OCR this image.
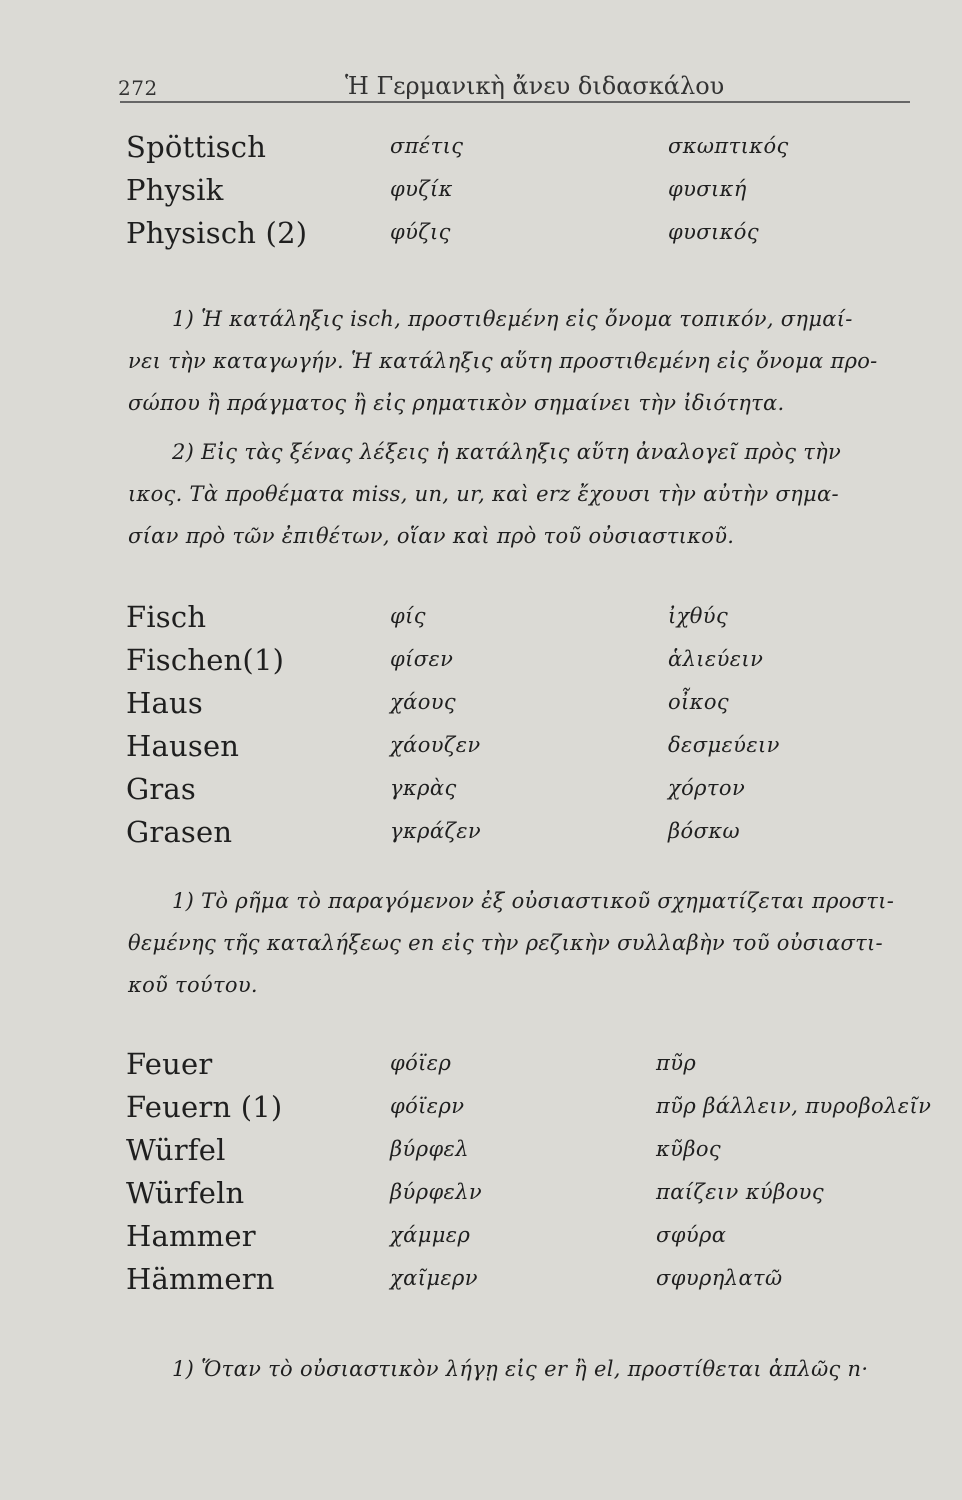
272	Ἡ Γερμανικὴ ἄνευ διδασκάλου
Spöttisch	σπέτις	σκωπτικός
Physik	φυζίκ	φυσική
Physisch (2)	φύζις	φυσικός
1) Ἡ κατάληξις isch, προστιθεμένη εἰς ὄνομα τοπικόν, σημαί-
νει τὴν καταγωγήν. Ἡ κατάληξις αὕτη προστιθεμένη εἰς ὄνομα προ-
σώπου ἢ πράγματος ἢ εἰς ρηματικὸν σημαίνει τὴν ἰδιότητα.
2) Εἰς τὰς ξένας λέξεις ἡ κατάληξις αὕτη ἀναλογεῖ πρὸς τὴν
ικος. Τὰ προθέματα miss, un, ur, καὶ erz ἔχουσι τὴν αὐτὴν σημα-
σίαν πρὸ τῶν ἐπιθέτων, οἵαν καὶ πρὸ τοῦ οὐσιαστικοῦ.
Fisch	φίς	ἰχθύς
Fischen(1)	φίσεν	ἁλιεύειν
Haus	χάους	οἶκος
Hausen	χάουζεν	δεσμεύειν
Gras	γκρὰς	χόρτον
Grasen	γκράζεν	βόσκω
1) Τὸ ρῆμα τὸ παραγόμενον ἐξ οὐσιαστικοῦ σχηματίζεται προστι-
θεμένης τῆς καταλήξεως en εἰς τὴν ρεζικὴν συλλαβὴν τοῦ οὐσιαστι-
κοῦ τούτου.
Feuer	φόϊερ	πῦρ
Feuern (1)	φόϊερν	πῦρ βάλλειν, πυροβολεῖν
Würfel	βύρφελ	κῦβος
Würfeln	βύρφελν	παίζειν κύβους
Hammer	χάμμερ	σφύρα
Hämmern	χαῖμερν	σφυρηλατῶ
1) Ὅταν τὸ οὐσιαστικὸν λήγῃ εἰς er ἢ el, προστίθεται ἁπλῶς n·
